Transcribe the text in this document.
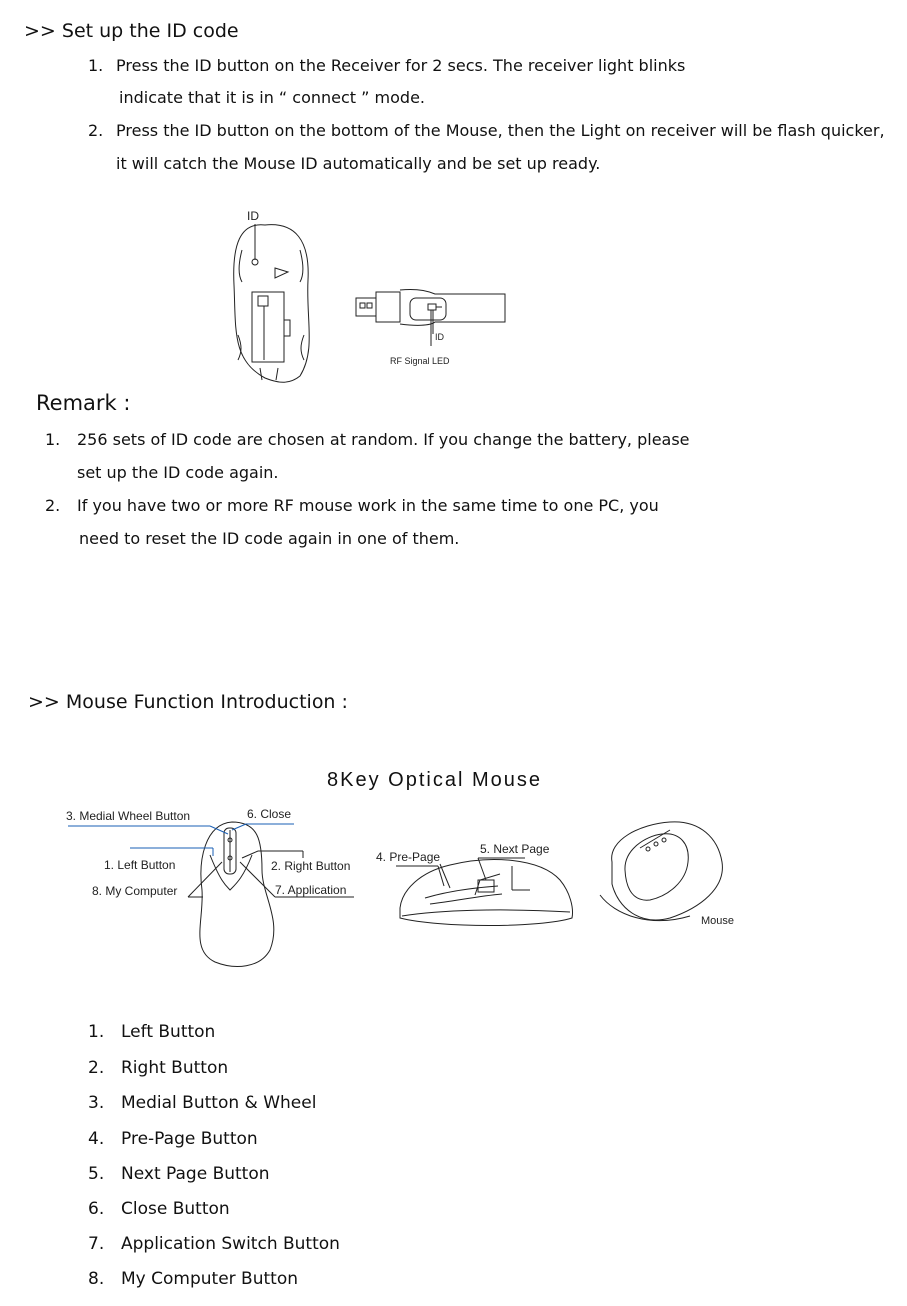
>> Set up the ID code
1. Press the ID button on the Receiver for 2 secs. The receiver light blinks
indicate that it is in “ connect ” mode.
2. Press the ID button on the bottom of the Mouse, then the Light on receiver will be flash quicker,
it will catch the Mouse ID automatically and be set up ready.
ID
ID
RF Signal LED
Remark :
1. 256 sets of ID code are chosen at random. If you change the battery, please
set up the ID code again.
2. If you have two or more RF mouse work in the same time to one PC, you
need to reset the ID code again in one of them.
>> Mouse Function Introduction :
8Key Optical Mouse
3. Medial Wheel Button	6. Close
1. Left Button	2. Right Button
8. My Computer	7. Application
4. Pre-Page
5. Next Page
Mouse
1. Left Button
2. Right Button
3. Medial Button & Wheel
4. Pre-Page Button
5. Next Page Button
6. Close Button
7. Application Switch Button
8. My Computer Button
